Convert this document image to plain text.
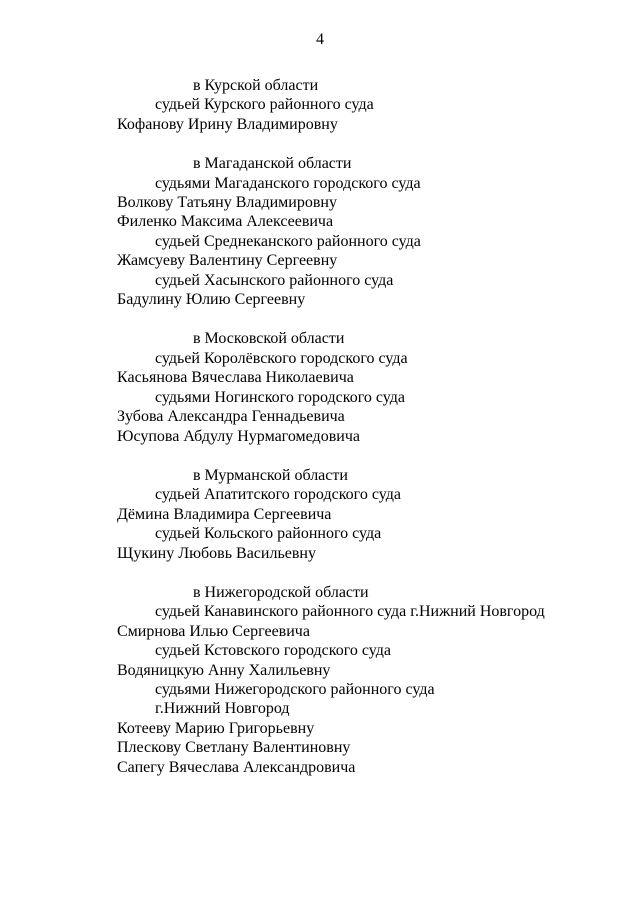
4
в Курской области
судьей Курского районного суда
Кофанову Ирину Владимировну
в Магаданской области
судьями Магаданского городского суда
Волкову Татьяну Владимировну
Филенко Максима Алексеевича
судьей Среднеканского районного суда
Жамсуеву Валентину Сергеевну
судьей Хасынского районного суда
Бадулину Юлию Сергеевну
в Московской области
судьей Королёвского городского суда
Касьянова Вячеслава Николаевича
судьями Ногинского городского суда
Зубова Александра Геннадьевича
Юсупова Абдулу Нурмагомедовича
в Мурманской области
судьей Апатитского городского суда
Дёмина Владимира Сергеевича
судьей Кольского районного суда
Щукину Любовь Васильевну
в Нижегородской области
судьей Канавинского районного суда г.Нижний Новгород
Смирнова Илью Сергеевича
судьей Кстовского городского суда
Водяницкую Анну Халильевну
судьями Нижегородского районного суда
г.Нижний Новгород
Котееву Марию Григорьевну
Плескову Светлану Валентиновну
Сапегу Вячеслава Александровича
